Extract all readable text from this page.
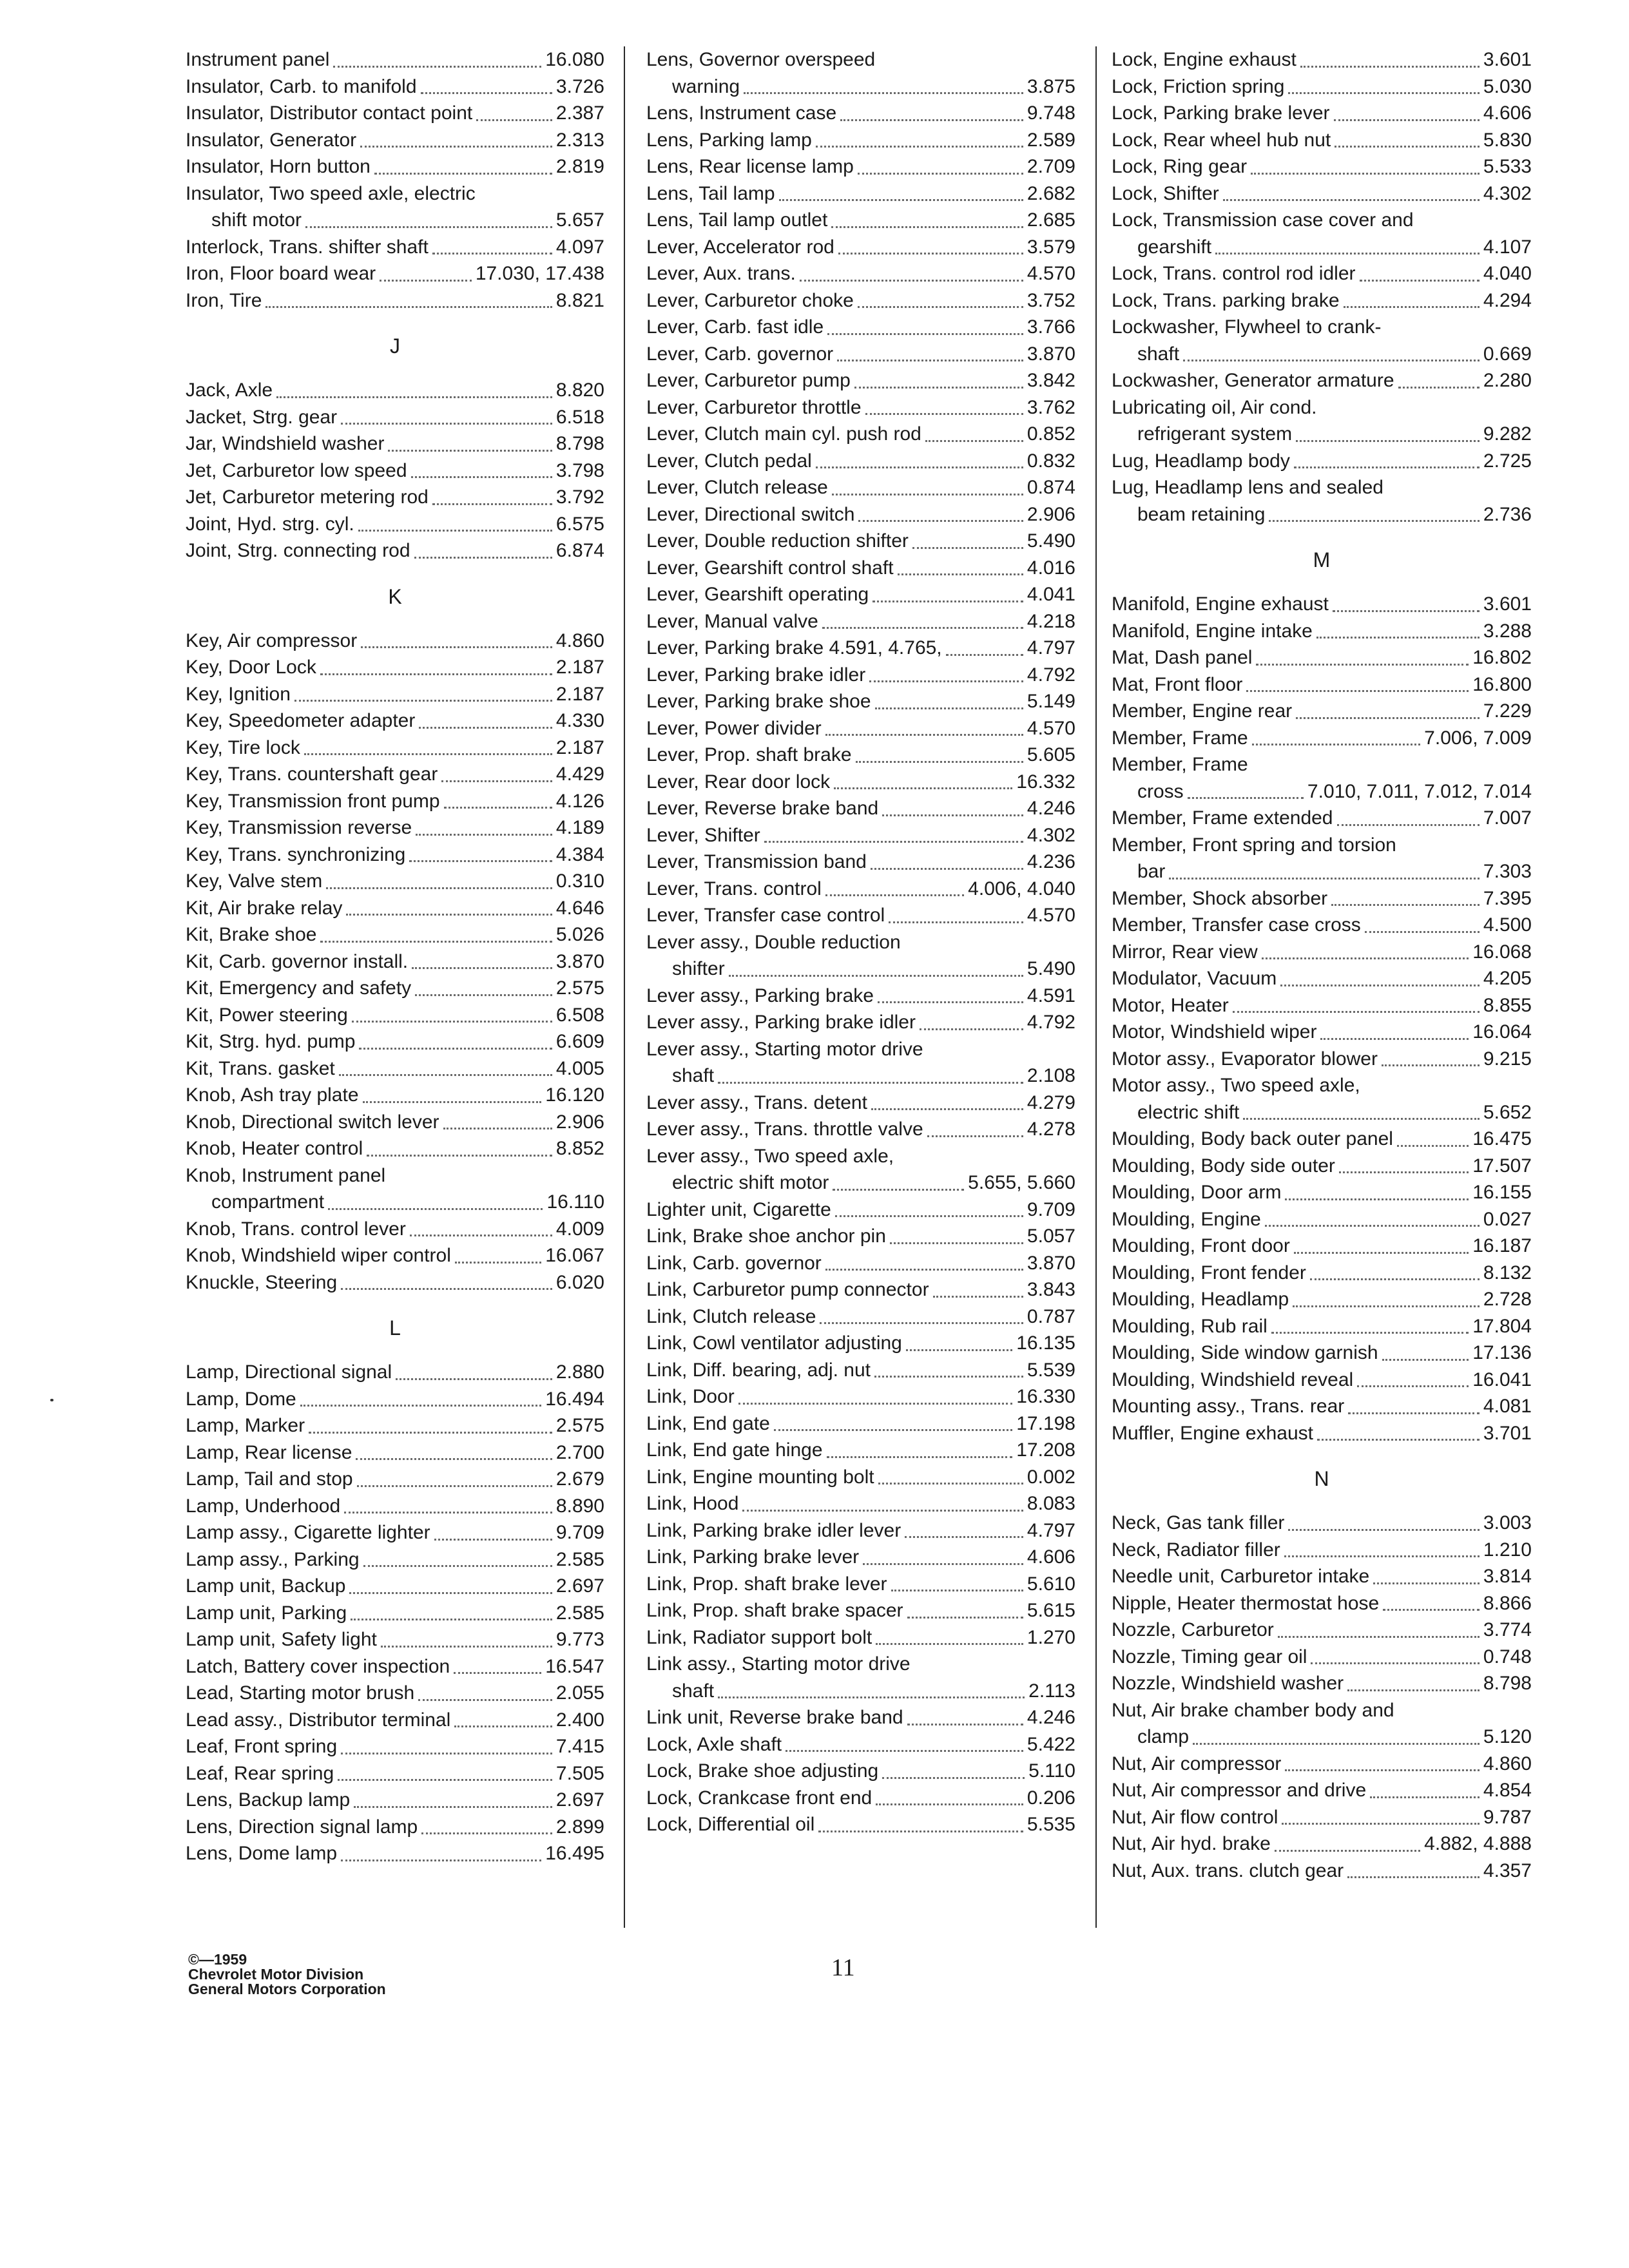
Instrument panel	16.080
Insulator, Carb. to manifold	3.726
Insulator, Distributor contact point	2.387
Insulator, Generator	2.313
Insulator, Horn button	2.819
Insulator, Two speed axle, electric
shift motor	5.657
Interlock, Trans. shifter shaft	4.097
Iron, Floor board wear	17.030, 17.438
Iron, Tire	8.821
J
Jack, Axle	8.820
Jacket, Strg. gear	6.518
Jar, Windshield washer	8.798
Jet, Carburetor low speed	3.798
Jet, Carburetor metering rod	3.792
Joint, Hyd. strg. cyl.	6.575
Joint, Strg. connecting rod	6.874
K
Key, Air compressor	4.860
Key, Door Lock	2.187
Key, Ignition	2.187
Key, Speedometer adapter	4.330
Key, Tire lock	2.187
Key, Trans. countershaft gear	4.429
Key, Transmission front pump	4.126
Key, Transmission reverse	4.189
Key, Trans. synchronizing	4.384
Key, Valve stem	0.310
Kit, Air brake relay	4.646
Kit, Brake shoe	5.026
Kit, Carb. governor install.	3.870
Kit, Emergency and safety	2.575
Kit, Power steering	6.508
Kit, Strg. hyd. pump	6.609
Kit, Trans. gasket	4.005
Knob, Ash tray plate	16.120
Knob, Directional switch lever	2.906
Knob, Heater control	8.852
Knob, Instrument panel
compartment	16.110
Knob, Trans. control lever	4.009
Knob, Windshield wiper control	16.067
Knuckle, Steering	6.020
L
Lamp, Directional signal	2.880
Lamp, Dome	16.494
Lamp, Marker	2.575
Lamp, Rear license	2.700
Lamp, Tail and stop	2.679
Lamp, Underhood	8.890
Lamp assy., Cigarette lighter	9.709
Lamp assy., Parking	2.585
Lamp unit, Backup	2.697
Lamp unit, Parking	2.585
Lamp unit, Safety light	9.773
Latch, Battery cover inspection	16.547
Lead, Starting motor brush	2.055
Lead assy., Distributor terminal	2.400
Leaf, Front spring	7.415
Leaf, Rear spring	7.505
Lens, Backup lamp	2.697
Lens, Direction signal lamp	2.899
Lens, Dome lamp	16.495
Lens, Governor overspeed
warning	3.875
Lens, Instrument case	9.748
Lens, Parking lamp	2.589
Lens, Rear license lamp	2.709
Lens, Tail lamp	2.682
Lens, Tail lamp outlet	2.685
Lever, Accelerator rod	3.579
Lever, Aux. trans.	4.570
Lever, Carburetor choke	3.752
Lever, Carb. fast idle	3.766
Lever, Carb. governor	3.870
Lever, Carburetor pump	3.842
Lever, Carburetor throttle	3.762
Lever, Clutch main cyl. push rod	0.852
Lever, Clutch pedal	0.832
Lever, Clutch release	0.874
Lever, Directional switch	2.906
Lever, Double reduction shifter	5.490
Lever, Gearshift control shaft	4.016
Lever, Gearshift operating	4.041
Lever, Manual valve	4.218
Lever, Parking brake 4.591, 4.765,	4.797
Lever, Parking brake idler	4.792
Lever, Parking brake shoe	5.149
Lever, Power divider	4.570
Lever, Prop. shaft brake	5.605
Lever, Rear door lock	16.332
Lever, Reverse brake band	4.246
Lever, Shifter	4.302
Lever, Transmission band	4.236
Lever, Trans. control	4.006, 4.040
Lever, Transfer case control	4.570
Lever assy., Double reduction
shifter	5.490
Lever assy., Parking brake	4.591
Lever assy., Parking brake idler	4.792
Lever assy., Starting motor drive
shaft	2.108
Lever assy., Trans. detent	4.279
Lever assy., Trans. throttle valve	4.278
Lever assy., Two speed axle,
electric shift motor	5.655, 5.660
Lighter unit, Cigarette	9.709
Link, Brake shoe anchor pin	5.057
Link, Carb. governor	3.870
Link, Carburetor pump connector	3.843
Link, Clutch release	0.787
Link, Cowl ventilator adjusting	16.135
Link, Diff. bearing, adj. nut	5.539
Link, Door	16.330
Link, End gate	17.198
Link, End gate hinge	17.208
Link, Engine mounting bolt	0.002
Link, Hood	8.083
Link, Parking brake idler lever	4.797
Link, Parking brake lever	4.606
Link, Prop. shaft brake lever	5.610
Link, Prop. shaft brake spacer	5.615
Link, Radiator support bolt	1.270
Link assy., Starting motor drive
shaft	2.113
Link unit, Reverse brake band	4.246
Lock, Axle shaft	5.422
Lock, Brake shoe adjusting	5.110
Lock, Crankcase front end	0.206
Lock, Differential oil	5.535
Lock, Engine exhaust	3.601
Lock, Friction spring	5.030
Lock, Parking brake lever	4.606
Lock, Rear wheel hub nut	5.830
Lock, Ring gear	5.533
Lock, Shifter	4.302
Lock, Transmission case cover and
gearshift	4.107
Lock, Trans. control rod idler	4.040
Lock, Trans. parking brake	4.294
Lockwasher, Flywheel to crank-
shaft	0.669
Lockwasher, Generator armature	2.280
Lubricating oil, Air cond.
refrigerant system	9.282
Lug, Headlamp body	2.725
Lug, Headlamp lens and sealed
beam retaining	2.736
M
Manifold, Engine exhaust	3.601
Manifold, Engine intake	3.288
Mat, Dash panel	16.802
Mat, Front floor	16.800
Member, Engine rear	7.229
Member, Frame	7.006, 7.009
Member, Frame
cross	7.010, 7.011, 7.012, 7.014
Member, Frame extended	7.007
Member, Front spring and torsion
bar	7.303
Member, Shock absorber	7.395
Member, Transfer case cross	4.500
Mirror, Rear view	16.068
Modulator, Vacuum	4.205
Motor, Heater	8.855
Motor, Windshield wiper	16.064
Motor assy., Evaporator blower	9.215
Motor assy., Two speed axle,
electric shift	5.652
Moulding, Body back outer panel	16.475
Moulding, Body side outer	17.507
Moulding, Door arm	16.155
Moulding, Engine	0.027
Moulding, Front door	16.187
Moulding, Front fender	8.132
Moulding, Headlamp	2.728
Moulding, Rub rail	17.804
Moulding, Side window garnish	17.136
Moulding, Windshield reveal	16.041
Mounting assy., Trans. rear	4.081
Muffler, Engine exhaust	3.701
N
Neck, Gas tank filler	3.003
Neck, Radiator filler	1.210
Needle unit, Carburetor intake	3.814
Nipple, Heater thermostat hose	8.866
Nozzle, Carburetor	3.774
Nozzle, Timing gear oil	0.748
Nozzle, Windshield washer	8.798
Nut, Air brake chamber body and
clamp	5.120
Nut, Air compressor	4.860
Nut, Air compressor and drive	4.854
Nut, Air flow control	9.787
Nut, Air hyd. brake	4.882, 4.888
Nut, Aux. trans. clutch gear	4.357
©—1959
Chevrolet Motor Division
General Motors Corporation
11
